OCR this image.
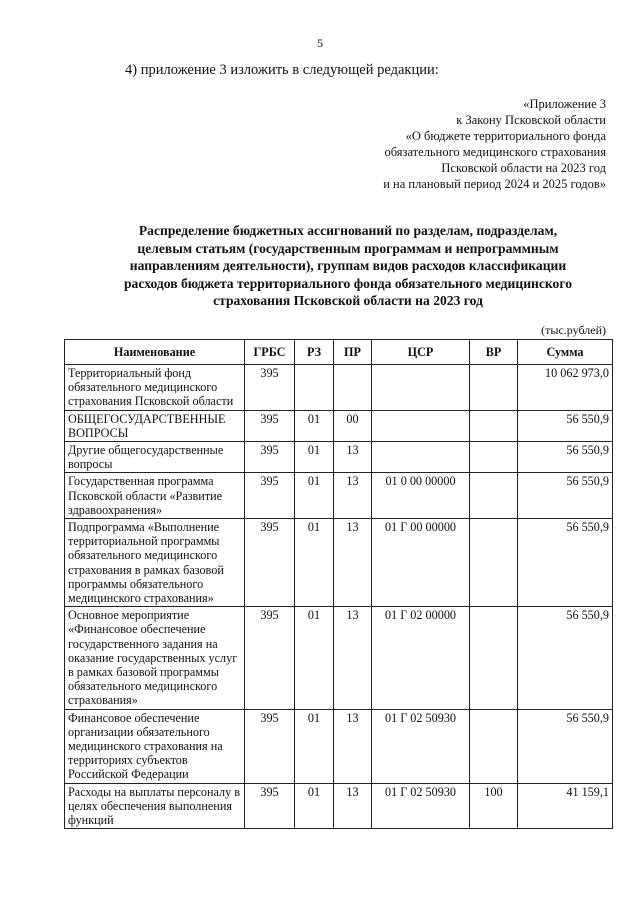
5
4) приложение 3 изложить в следующей редакции:
«Приложение 3
к Закону Псковской области
«О бюджете территориального фонда
обязательного медицинского страхования
Псковской области на 2023 год
и на плановый период 2024 и 2025 годов»
Распределение бюджетных ассигнований по разделам, подразделам,
целевым статьям (государственным программам и непрограммным
направлениям деятельности), группам видов расходов классификации
расходов бюджета территориального фонда обязательного медицинского
страхования Псковской области на 2023 год
(тыс.рублей)
Наименование	ГРБС	РЗ	ПР	ЦСР	ВР	Сумма
Территориальный фонд обязательного медицинского страхования Псковской области	395					10 062 973,0
ОБЩЕГОСУДАРСТВЕННЫЕ ВОПРОСЫ	395	01	00			56 550,9
Другие общегосударственные вопросы	395	01	13			56 550,9
Государственная программа Псковской области «Развитие здравоохранения»	395	01	13	01 0 00 00000		56 550,9
Подпрограмма «Выполнение территориальной программы обязательного медицинского страхования в рамках базовой программы обязательного медицинского страхования»	395	01	13	01 Г 00 00000		56 550,9
Основное мероприятие «Финансовое обеспечение государственного задания на оказание государственных услуг в рамках базовой программы обязательного медицинского страхования»	395	01	13	01 Г 02 00000		56 550,9
Финансовое обеспечение организации обязательного медицинского страхования на территориях субъектов Российской Федерации	395	01	13	01 Г 02 50930		56 550,9
Расходы на выплаты персоналу в целях обеспечения выполнения функций	395	01	13	01 Г 02 50930	100	41 159,1
